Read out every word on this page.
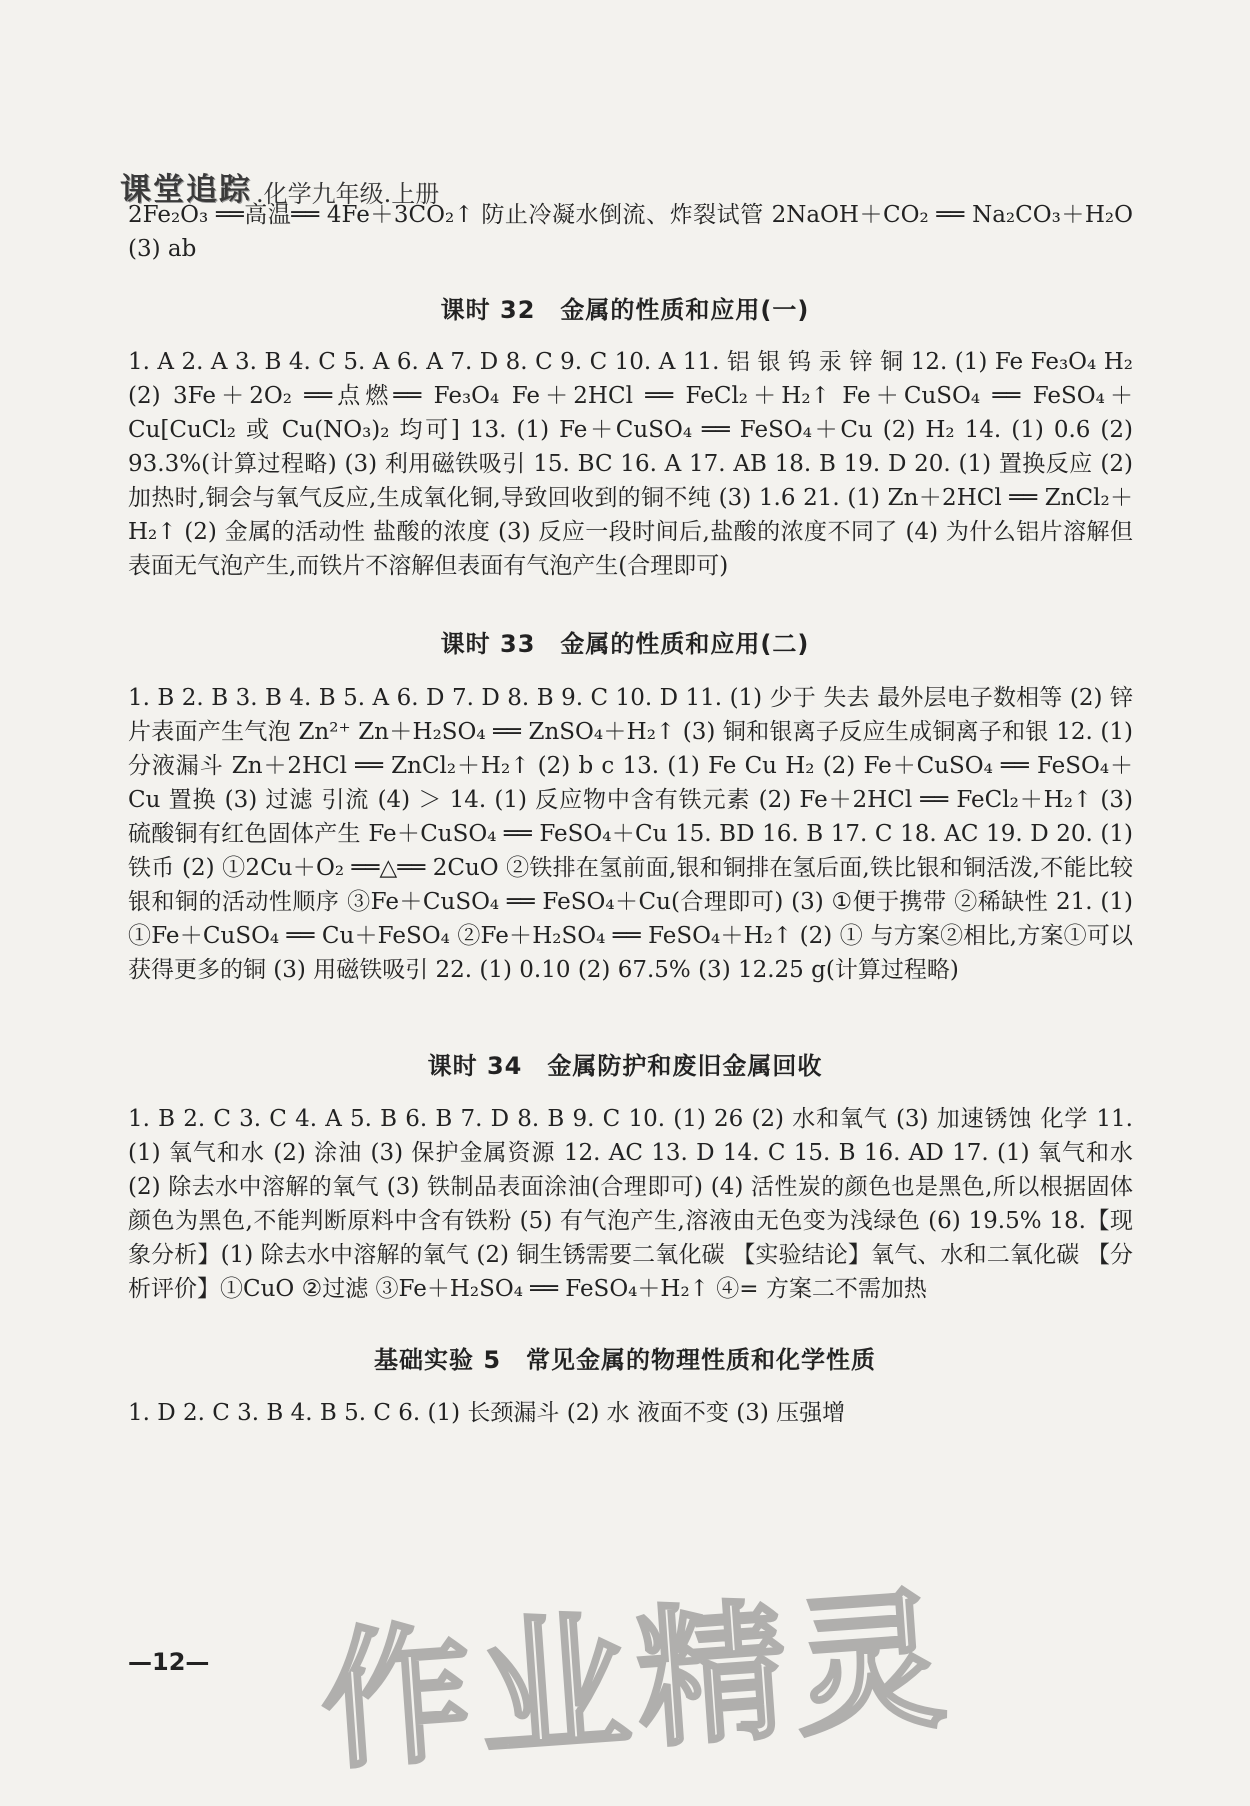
课堂追踪 .化学九年级.上册
2Fe₂O₃ ══高温══ 4Fe＋3CO₂↑ 防止冷凝水倒流、炸裂试管 2NaOH＋CO₂ ══ Na₂CO₃＋H₂O (3) ab
课时 32　金属的性质和应用(一)
1. A 2. A 3. B 4. C 5. A 6. A 7. D 8. C 9. C 10. A 11. 铝 银 钨 汞 锌 铜 12. (1) Fe Fe₃O₄ H₂ (2) 3Fe＋2O₂ ══点燃══ Fe₃O₄ Fe＋2HCl ══ FeCl₂＋H₂↑ Fe＋CuSO₄ ══ FeSO₄＋Cu[CuCl₂ 或 Cu(NO₃)₂ 均可] 13. (1) Fe＋CuSO₄ ══ FeSO₄＋Cu (2) H₂ 14. (1) 0.6 (2) 93.3%(计算过程略) (3) 利用磁铁吸引 15. BC 16. A 17. AB 18. B 19. D 20. (1) 置换反应 (2) 加热时,铜会与氧气反应,生成氧化铜,导致回收到的铜不纯 (3) 1.6 21. (1) Zn＋2HCl ══ ZnCl₂＋H₂↑ (2) 金属的活动性 盐酸的浓度 (3) 反应一段时间后,盐酸的浓度不同了 (4) 为什么铝片溶解但表面无气泡产生,而铁片不溶解但表面有气泡产生(合理即可)
课时 33　金属的性质和应用(二)
1. B 2. B 3. B 4. B 5. A 6. D 7. D 8. B 9. C 10. D 11. (1) 少于 失去 最外层电子数相等 (2) 锌片表面产生气泡 Zn²⁺ Zn＋H₂SO₄ ══ ZnSO₄＋H₂↑ (3) 铜和银离子反应生成铜离子和银 12. (1) 分液漏斗 Zn＋2HCl ══ ZnCl₂＋H₂↑ (2) b c 13. (1) Fe Cu H₂ (2) Fe＋CuSO₄ ══ FeSO₄＋Cu 置换 (3) 过滤 引流 (4) ＞ 14. (1) 反应物中含有铁元素 (2) Fe＋2HCl ══ FeCl₂＋H₂↑ (3) 硫酸铜有红色固体产生 Fe＋CuSO₄ ══ FeSO₄＋Cu 15. BD 16. B 17. C 18. AC 19. D 20. (1) 铁币 (2) ①2Cu＋O₂ ══△══ 2CuO ②铁排在氢前面,银和铜排在氢后面,铁比银和铜活泼,不能比较银和铜的活动性顺序 ③Fe＋CuSO₄ ══ FeSO₄＋Cu(合理即可) (3) ①便于携带 ②稀缺性 21. (1) ①Fe＋CuSO₄ ══ Cu＋FeSO₄ ②Fe＋H₂SO₄ ══ FeSO₄＋H₂↑ (2) ① 与方案②相比,方案①可以获得更多的铜 (3) 用磁铁吸引 22. (1) 0.10 (2) 67.5% (3) 12.25 g(计算过程略)
课时 34　金属防护和废旧金属回收
1. B 2. C 3. C 4. A 5. B 6. B 7. D 8. B 9. C 10. (1) 26 (2) 水和氧气 (3) 加速锈蚀 化学 11. (1) 氧气和水 (2) 涂油 (3) 保护金属资源 12. AC 13. D 14. C 15. B 16. AD 17. (1) 氧气和水 (2) 除去水中溶解的氧气 (3) 铁制品表面涂油(合理即可) (4) 活性炭的颜色也是黑色,所以根据固体颜色为黑色,不能判断原料中含有铁粉 (5) 有气泡产生,溶液由无色变为浅绿色 (6) 19.5% 18.【现象分析】(1) 除去水中溶解的氧气 (2) 铜生锈需要二氧化碳 【实验结论】氧气、水和二氧化碳 【分析评价】①CuO ②过滤 ③Fe＋H₂SO₄ ══ FeSO₄＋H₂↑ ④= 方案二不需加热
基础实验 5　常见金属的物理性质和化学性质
1. D 2. C 3. B 4. B 5. C 6. (1) 长颈漏斗 (2) 水 液面不变 (3) 压强增
—12— 作业精灵
